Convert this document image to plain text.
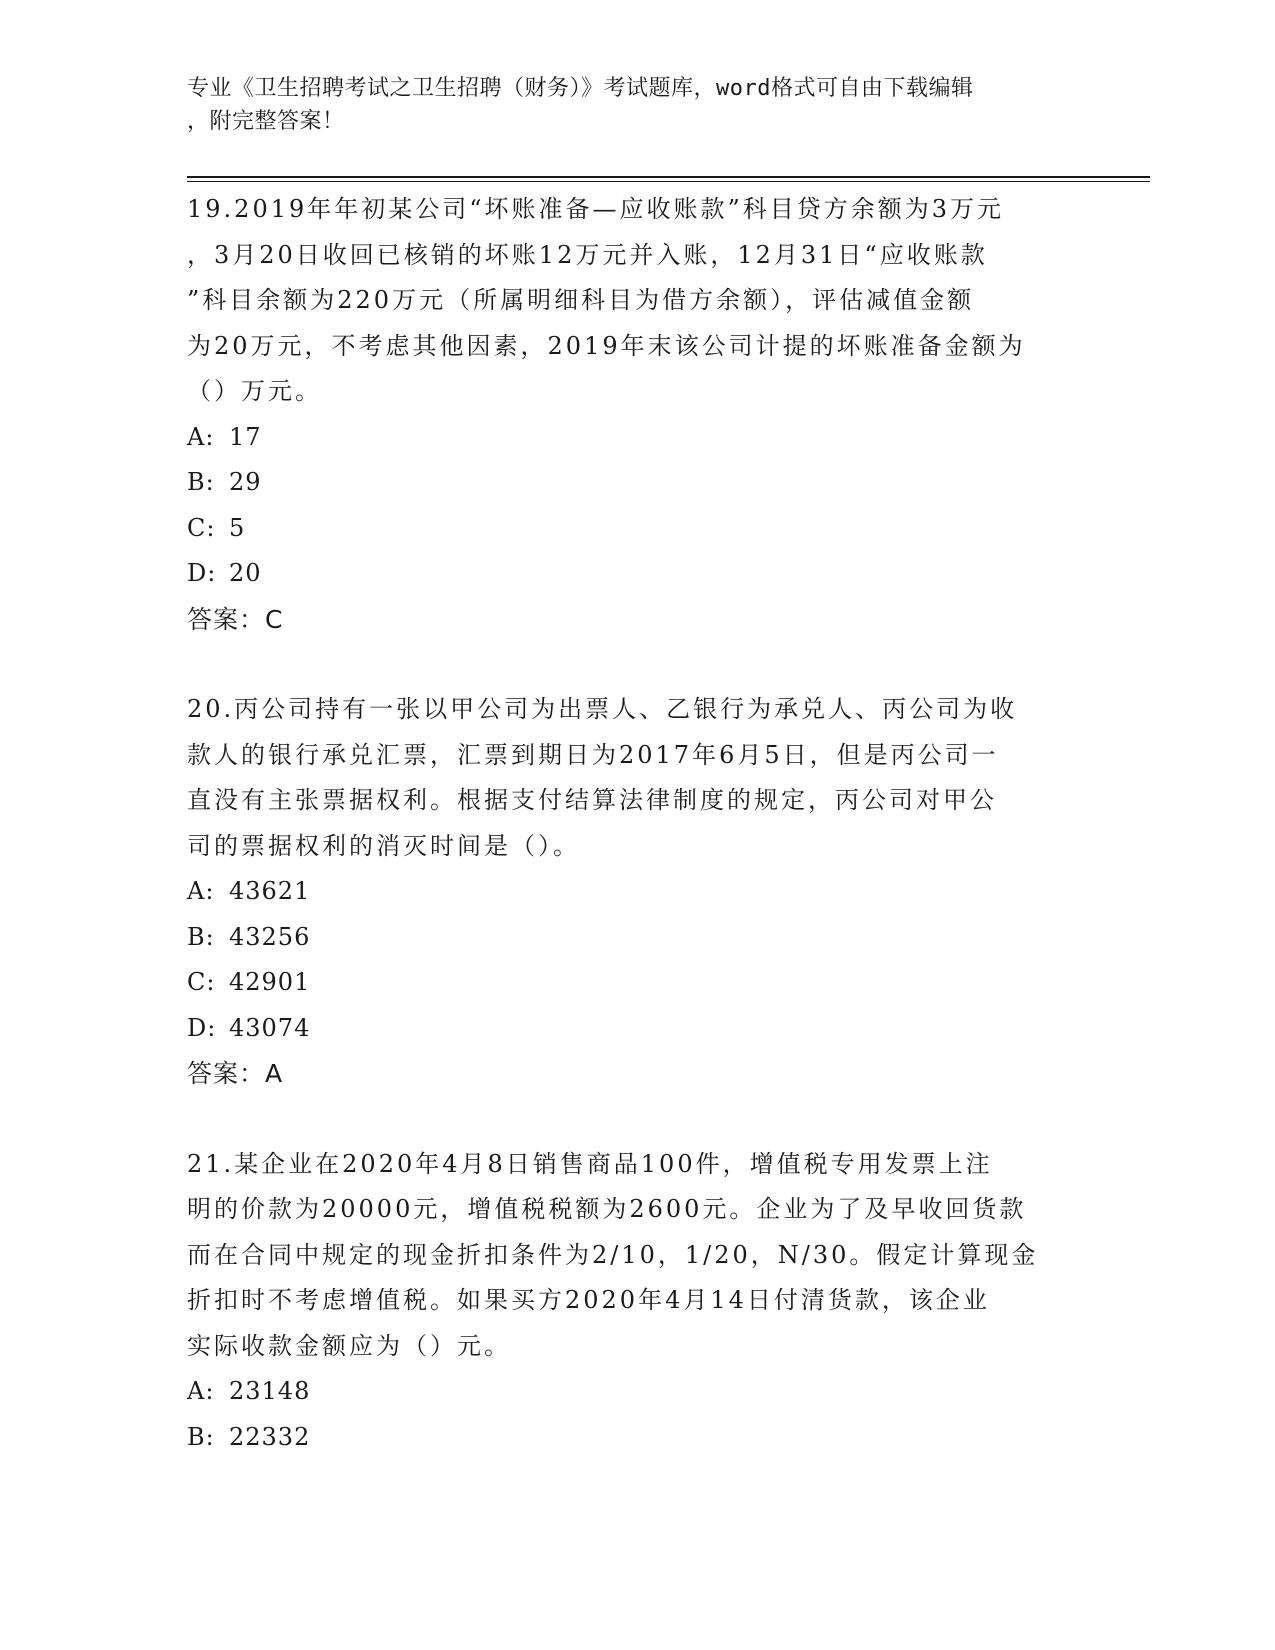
专业《卫生招聘考试之卫生招聘（财务）》考试题库，word格式可自由下载编辑
，附完整答案！
19.2019年年初某公司“坏账准备—应收账款”科目贷方余额为3万元
，3月20日收回已核销的坏账12万元并入账，12月31日“应收账款
”科目余额为220万元（所属明细科目为借方余额），评估减值金额
为20万元，不考虑其他因素，2019年末该公司计提的坏账准备金额为
（）万元。
A: 17
B: 29
C: 5
D: 20
答案：C
20.丙公司持有一张以甲公司为出票人、乙银行为承兑人、丙公司为收
款人的银行承兑汇票，汇票到期日为2017年6月5日，但是丙公司一
直没有主张票据权利。根据支付结算法律制度的规定，丙公司对甲公
司的票据权利的消灭时间是（）。
A: 43621
B: 43256
C: 42901
D: 43074
答案：A
21.某企业在2020年4月8日销售商品100件，增值税专用发票上注
明的价款为20000元，增值税税额为2600元。企业为了及早收回货款
而在合同中规定的现金折扣条件为2/10，1/20，N/30。假定计算现金
折扣时不考虑增值税。如果买方2020年4月14日付清货款，该企业
实际收款金额应为（）元。
A: 23148
B: 22332
